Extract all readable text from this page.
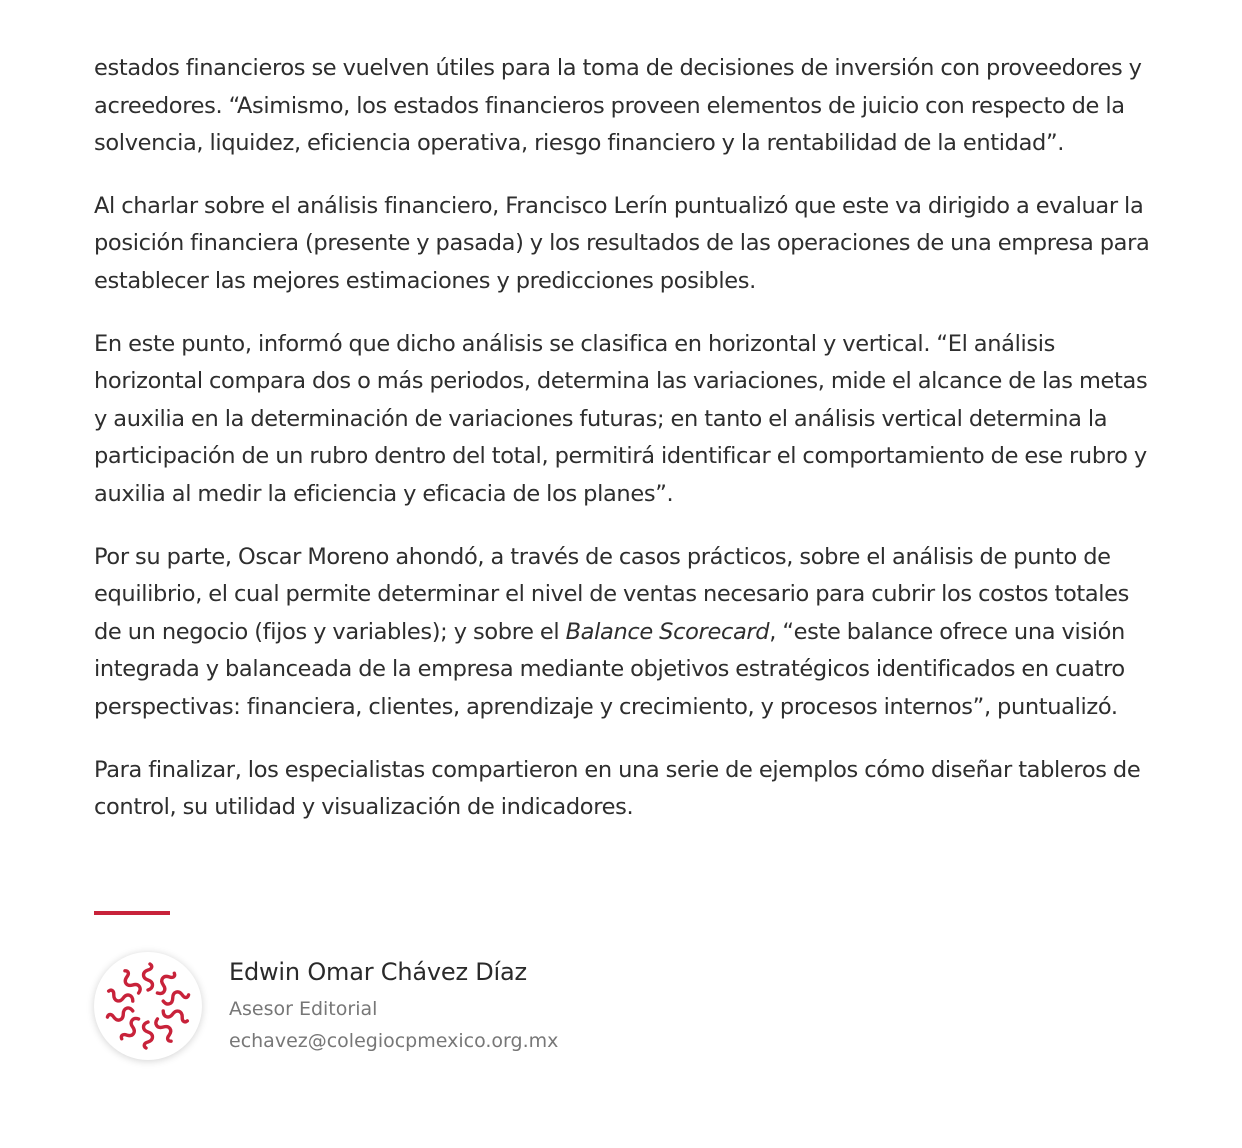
estados financieros se vuelven útiles para la toma de decisiones de inversión con proveedores y acreedores. “Asimismo, los estados financieros proveen elementos de juicio con respecto de la solvencia, liquidez, eficiencia operativa, riesgo financiero y la rentabilidad de la entidad”.

Al charlar sobre el análisis financiero, Francisco Lerín puntualizó que este va dirigido a evaluar la posición financiera (presente y pasada) y los resultados de las operaciones de una empresa para establecer las mejores estimaciones y predicciones posibles.

En este punto, informó que dicho análisis se clasifica en horizontal y vertical. “El análisis horizontal compara dos o más periodos, determina las variaciones, mide el alcance de las metas y auxilia en la determinación de variaciones futuras; en tanto el análisis vertical determina la participación de un rubro dentro del total, permitirá identificar el comportamiento de ese rubro y auxilia al medir la eficiencia y eficacia de los planes”.

Por su parte, Oscar Moreno ahondó, a través de casos prácticos, sobre el análisis de punto de equilibrio, el cual permite determinar el nivel de ventas necesario para cubrir los costos totales de un negocio (fijos y variables); y sobre el Balance Scorecard, “este balance ofrece una visión integrada y balanceada de la empresa mediante objetivos estratégicos identificados en cuatro perspectivas: financiera, clientes, aprendizaje y crecimiento, y procesos internos”, puntualizó.

Para finalizar, los especialistas compartieron en una serie de ejemplos cómo diseñar tableros de control, su utilidad y visualización de indicadores.

Edwin Omar Chávez Díaz
Asesor Editorial
echavez@colegiocpmexico.org.mx
